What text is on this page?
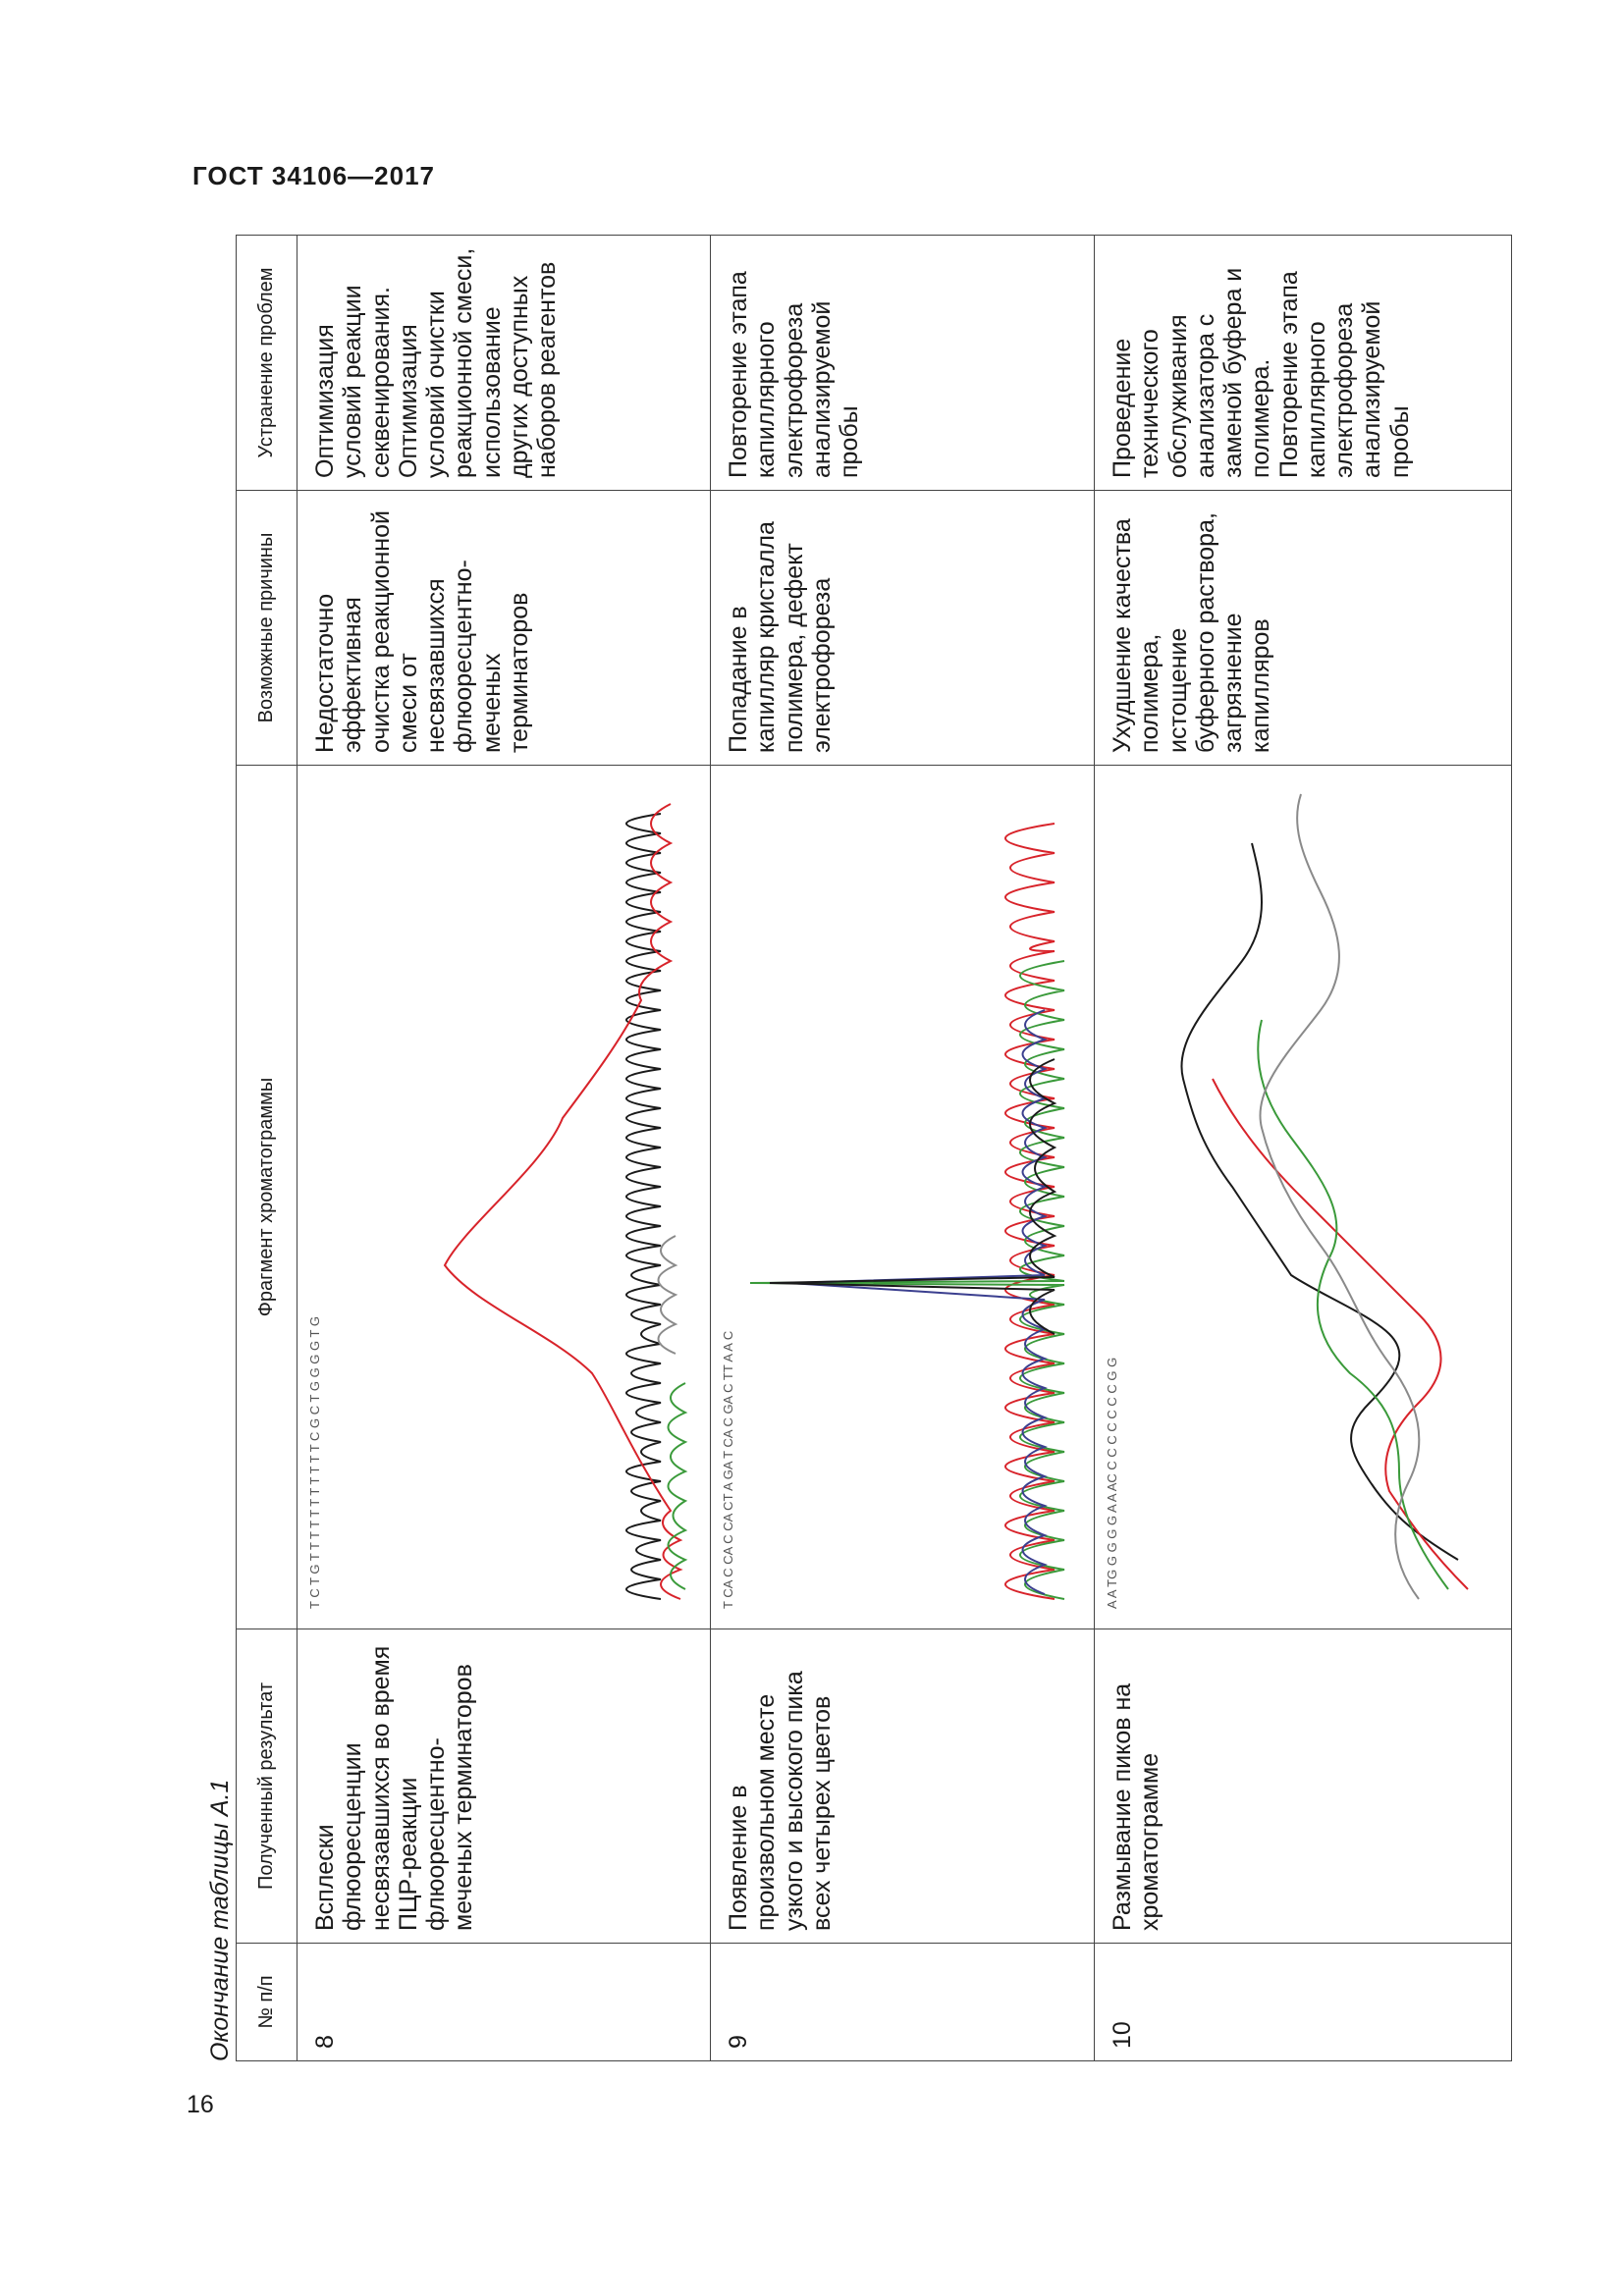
ГОСТ 34106—2017
Окончание таблицы А.1 № п/п	Полученный результат	Фрагмент хроматограммы	Возможные причины	Устранение проблем
8	Всплески флюоресценции несвязавшихся во время ПЦР-реакции флюоресцентно-меченых терминаторов	T C T G T T T T T T T T T T T C G C T G G G G T G	Недостаточно эффективная очистка реакционной смеси от несвязавшихся флюоресцентно-меченых терминаторов	Оптимизация условий реакции секвенирования. Оптимизация условий очистки реакционной смеси, использование других доступных наборов реагентов
9	Появление в произвольном месте узкого и высокого пика всех четырех цветов	T CA C CA C CA CT A GA T CA C GA C TT A A C	Попадание в капилляр кристалла полимера, дефект электрофореза	Повторение этапа капиллярного электрофореза анализируемой пробы
10	Размывание пиков на хроматограмме	A A TG G G G G A A AC C C C C C C C G G	Ухудшение качества полимера, истощение буферного раствора, загрязнение капилляров	Проведение технического обслуживания анализатора с заменой буфера и полимера. Повторение этапа капиллярного электрофореза анализируемой пробы
16
